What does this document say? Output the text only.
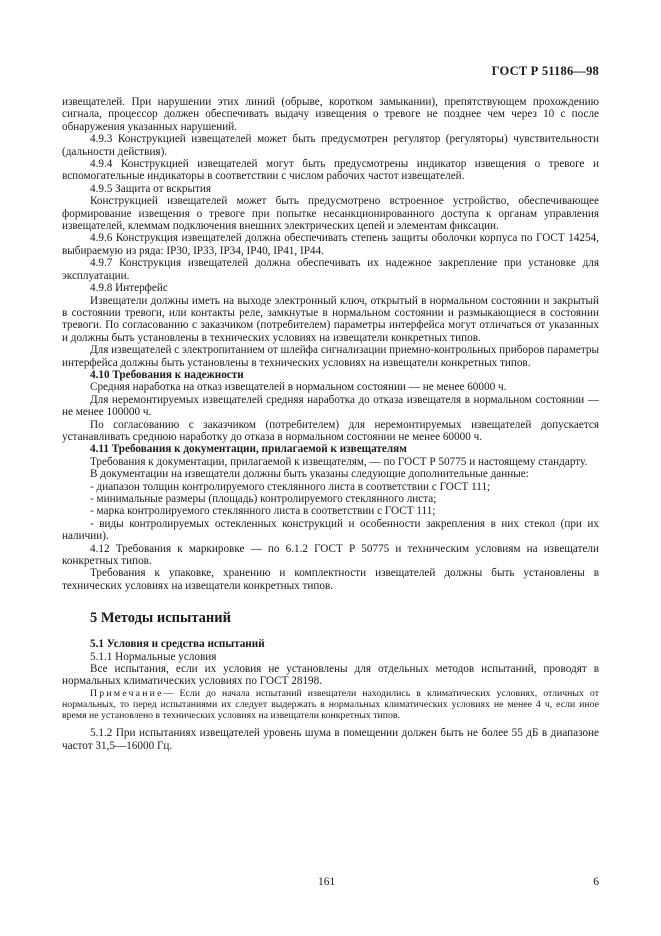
ГОСТ Р 51186—98

извещателей. При нарушении этих линий (обрыве, коротком замыкании), препятствующем прохождению сигнала, процессор должен обеспечивать выдачу извещения о тревоге не позднее чем через 10 с после обнаружения указанных нарушений.

4.9.3 Конструкцией извещателей может быть предусмотрен регулятор (регуляторы) чувствительности (дальности действия).

4.9.4 Конструкцией извещателей могут быть предусмотрены индикатор извещения о тревоге и вспомогательные индикаторы в соответствии с числом рабочих частот извещателей.

4.9.5 Защита от вскрытия

Конструкцией извещателей может быть предусмотрено встроенное устройство, обеспечивающее формирование извещения о тревоге при попытке несанкционированного доступа к органам управления извещателей, клеммам подключения внешних электрических цепей и элементам фиксации.

4.9.6 Конструкция извещателей должна обеспечивать степень защиты оболочки корпуса по ГОСТ 14254, выбираемую из ряда: IP30, IP33, IP34, IP40, IP41, IP44.

4.9.7 Конструкция извещателей должна обеспечивать их надежное закрепление при установке для эксплуатации.

4.9.8 Интерфейс

Извещатели должны иметь на выходе электронный ключ, открытый в нормальном состоянии и закрытый в состоянии тревоги, или контакты реле, замкнутые в нормальном состоянии и размыкающиеся в состоянии тревоги. По согласованию с заказчиком (потребителем) параметры интерфейса могут отличаться от указанных и должны быть установлены в технических условиях на извещатели конкретных типов.

Для извещателей с электропитанием от шлейфа сигнализации приемно-контрольных приборов параметры интерфейса должны быть установлены в технических условиях на извещатели конкретных типов.

4.10 Требования к надежности

Средняя наработка на отказ извещателей в нормальном состоянии — не менее 60000 ч.

Для неремонтируемых извещателей средняя наработка до отказа извещателя в нормальном состоянии — не менее 100000 ч.

По согласованию с заказчиком (потребителем) для неремонтируемых извещателей допускается устанавливать среднюю наработку до отказа в нормальном состоянии не менее 60000 ч.

4.11 Требования к документации, прилагаемой к извещателям

Требования к документации, прилагаемой к извещателям, — по ГОСТ Р 50775 и настоящему стандарту.

В документации на извещатели должны быть указаны следующие дополнительные данные:

- диапазон толщин контролируемого стеклянного листа в соответствии с ГОСТ 111;

- минимальные размеры (площадь) контролируемого стеклянного листа;

- марка контролируемого стеклянного листа в соответствии с ГОСТ 111;

- виды контролируемых остекленных конструкций и особенности закрепления в них стекол (при их наличии).

4.12 Требования к маркировке — по 6.1.2 ГОСТ Р 50775 и техническим условиям на извещатели конкретных типов.

Требования к упаковке, хранению и комплектности извещателей должны быть установлены в технических условиях на извещатели конкретных типов.

5 Методы испытаний

5.1 Условия и средства испытаний

5.1.1 Нормальные условия

Все испытания, если их условия не установлены для отдельных методов испытаний, проводят в нормальных климатических условиях по ГОСТ 28198.

Примечание— Если до начала испытаний извещатели находились в климатических условиях, отличных от нормальных, то перед испытаниями их следует выдержать в нормальных климатических условиях не менее 4 ч, если иное время не установлено в технических условиях на извещатели конкретных типов.

5.1.2 При испытаниях извещателей уровень шума в помещении должен быть не более 55 дБ в диапазоне частот 31,5—16000 Гц.

161	6
